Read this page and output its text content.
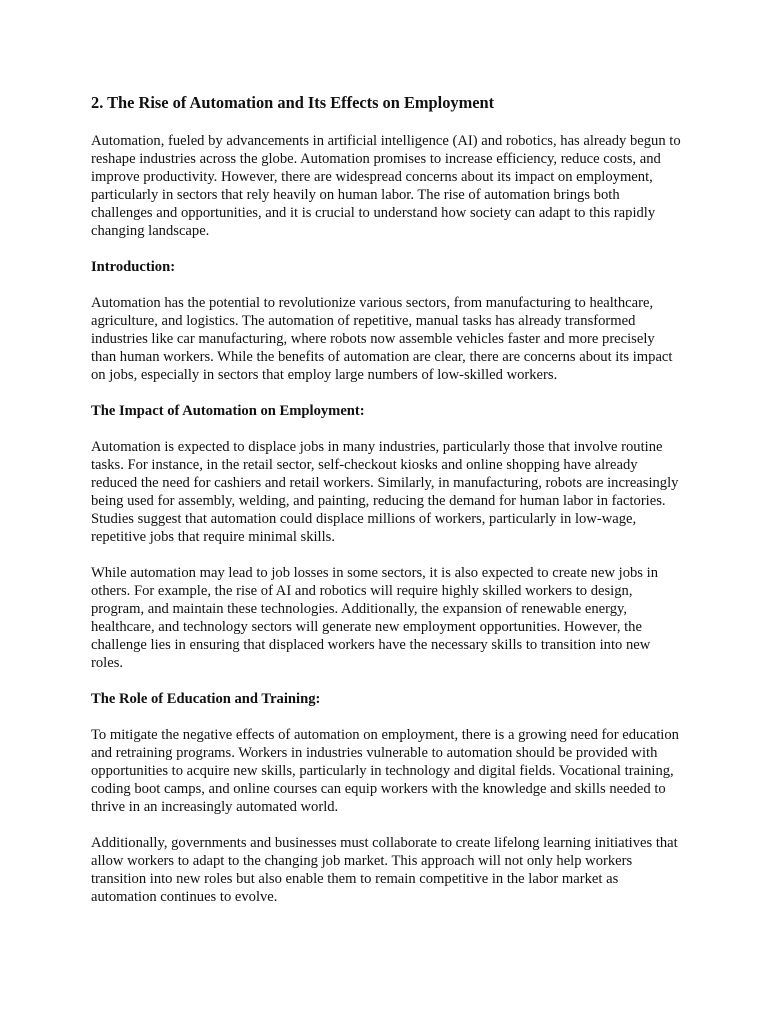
2. The Rise of Automation and Its Effects on Employment

Automation, fueled by advancements in artificial intelligence (AI) and robotics, has already begun to reshape industries across the globe. Automation promises to increase efficiency, reduce costs, and improve productivity. However, there are widespread concerns about its impact on employment, particularly in sectors that rely heavily on human labor. The rise of automation brings both challenges and opportunities, and it is crucial to understand how society can adapt to this rapidly changing landscape.

Introduction:

Automation has the potential to revolutionize various sectors, from manufacturing to healthcare, agriculture, and logistics. The automation of repetitive, manual tasks has already transformed industries like car manufacturing, where robots now assemble vehicles faster and more precisely than human workers. While the benefits of automation are clear, there are concerns about its impact on jobs, especially in sectors that employ large numbers of low-skilled workers.

The Impact of Automation on Employment:

Automation is expected to displace jobs in many industries, particularly those that involve routine tasks. For instance, in the retail sector, self-checkout kiosks and online shopping have already reduced the need for cashiers and retail workers. Similarly, in manufacturing, robots are increasingly being used for assembly, welding, and painting, reducing the demand for human labor in factories. Studies suggest that automation could displace millions of workers, particularly in low-wage, repetitive jobs that require minimal skills.

While automation may lead to job losses in some sectors, it is also expected to create new jobs in others. For example, the rise of AI and robotics will require highly skilled workers to design, program, and maintain these technologies. Additionally, the expansion of renewable energy, healthcare, and technology sectors will generate new employment opportunities. However, the challenge lies in ensuring that displaced workers have the necessary skills to transition into new roles.

The Role of Education and Training:

To mitigate the negative effects of automation on employment, there is a growing need for education and retraining programs. Workers in industries vulnerable to automation should be provided with opportunities to acquire new skills, particularly in technology and digital fields. Vocational training, coding boot camps, and online courses can equip workers with the knowledge and skills needed to thrive in an increasingly automated world.

Additionally, governments and businesses must collaborate to create lifelong learning initiatives that allow workers to adapt to the changing job market. This approach will not only help workers transition into new roles but also enable them to remain competitive in the labor market as automation continues to evolve.
